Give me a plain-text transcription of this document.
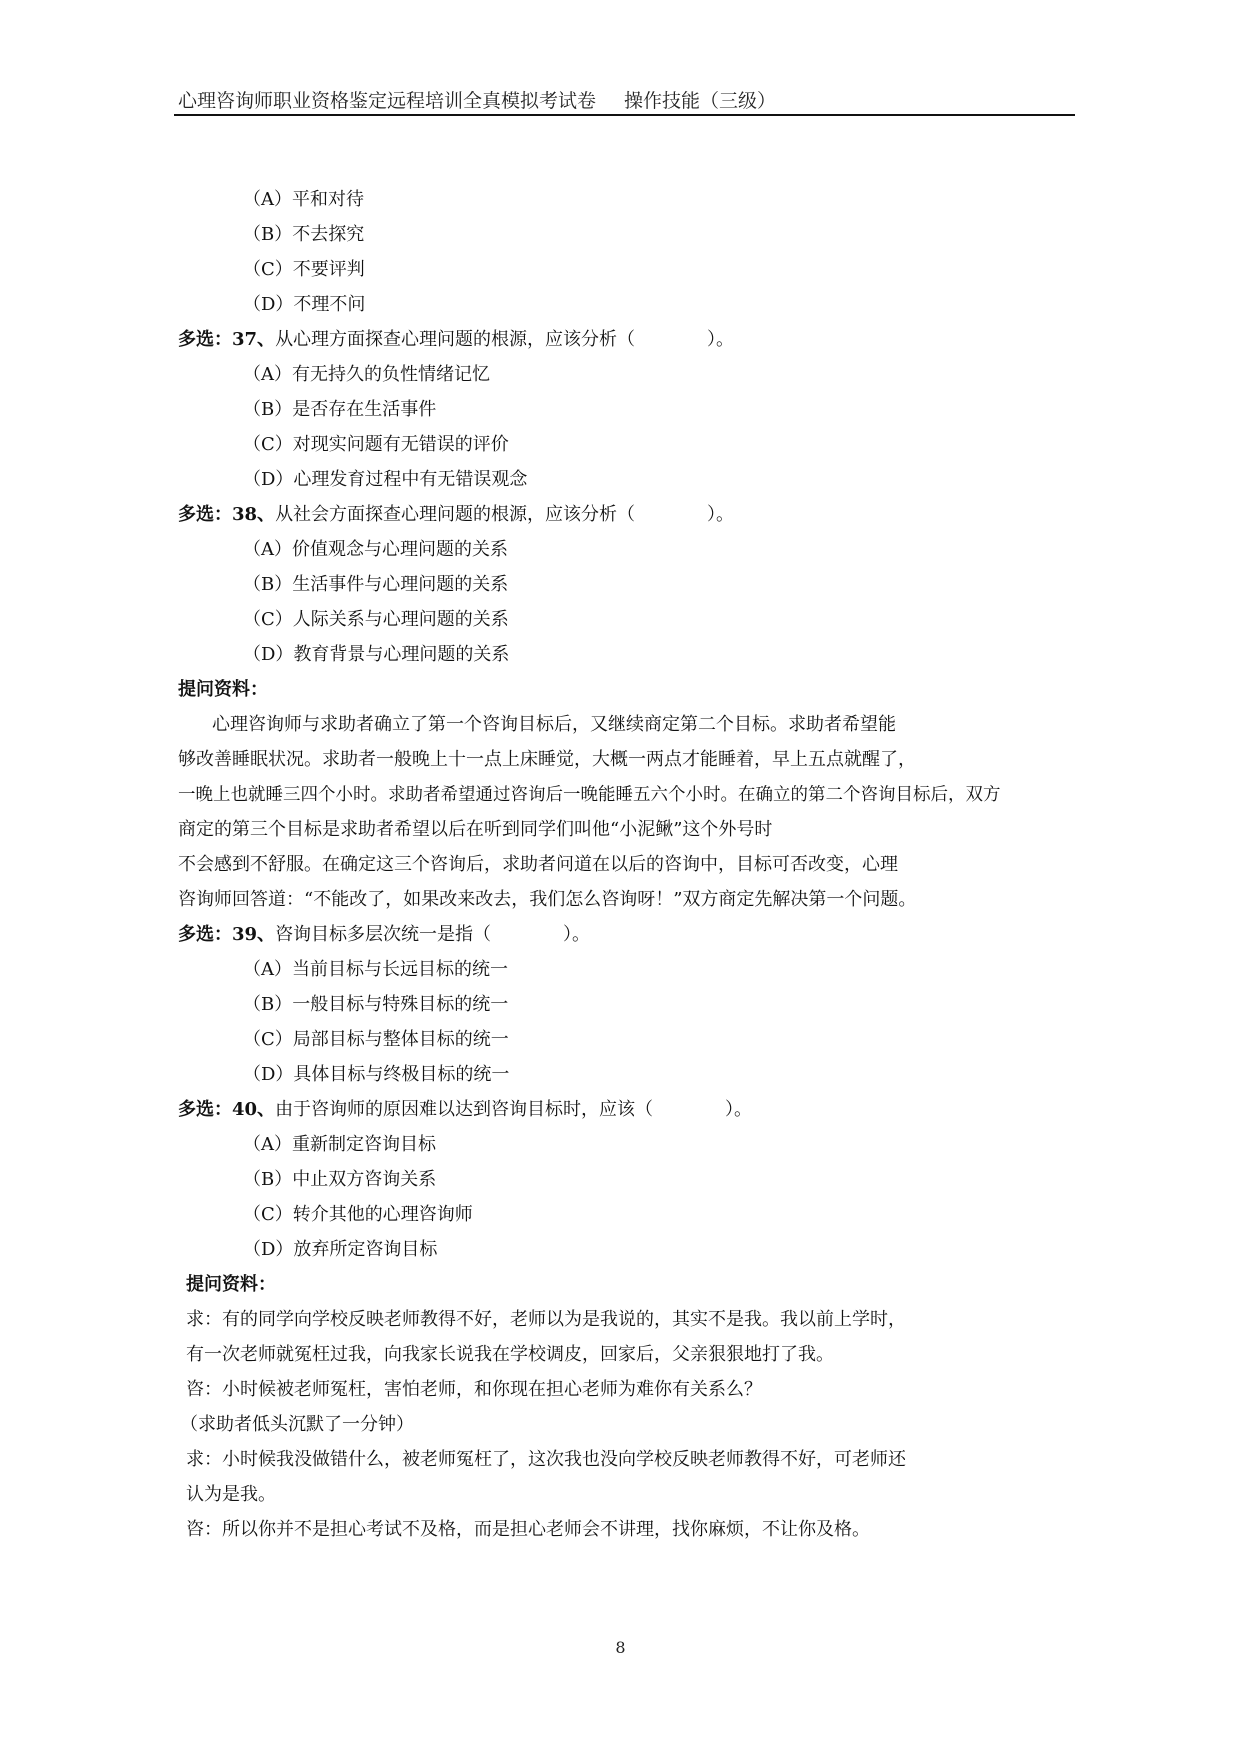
心理咨询师职业资格鉴定远程培训全真模拟考试卷 操作技能（三级）
（A）平和对待
（B）不去探究
（C）不要评判
（D）不理不问
多选：37、从心理方面探查心理问题的根源，应该分析（　　　　）。
（A）有无持久的负性情绪记忆
（B）是否存在生活事件
（C）对现实问题有无错误的评价
（D）心理发育过程中有无错误观念
多选：38、从社会方面探查心理问题的根源，应该分析（　　　　）。
（A）价值观念与心理问题的关系
（B）生活事件与心理问题的关系
（C）人际关系与心理问题的关系
（D）教育背景与心理问题的关系
提问资料：
心理咨询师与求助者确立了第一个咨询目标后，又继续商定第二个目标。求助者希望能
够改善睡眠状况。求助者一般晚上十一点上床睡觉，大概一两点才能睡着，早上五点就醒了，
一晚上也就睡三四个小时。求助者希望通过咨询后一晚能睡五六个小时。在确立的第二个咨询目标后，双方
商定的第三个目标是求助者希望以后在听到同学们叫他“小泥鳅”这个外号时
不会感到不舒服。在确定这三个咨询后，求助者问道在以后的咨询中，目标可否改变，心理
咨询师回答道：“不能改了，如果改来改去，我们怎么咨询呀！”双方商定先解决第一个问题。
多选：39、咨询目标多层次统一是指（　　　　）。
（A）当前目标与长远目标的统一
（B）一般目标与特殊目标的统一
（C）局部目标与整体目标的统一
（D）具体目标与终极目标的统一
多选：40、由于咨询师的原因难以达到咨询目标时，应该（　　　　）。
（A）重新制定咨询目标
（B）中止双方咨询关系
（C）转介其他的心理咨询师
（D）放弃所定咨询目标
提问资料：
求：有的同学向学校反映老师教得不好，老师以为是我说的，其实不是我。我以前上学时，
有一次老师就冤枉过我，向我家长说我在学校调皮，回家后，父亲狠狠地打了我。
咨：小时候被老师冤枉，害怕老师，和你现在担心老师为难你有关系么？
（求助者低头沉默了一分钟）
求：小时候我没做错什么，被老师冤枉了，这次我也没向学校反映老师教得不好，可老师还
认为是我。
咨：所以你并不是担心考试不及格，而是担心老师会不讲理，找你麻烦，不让你及格。
8
